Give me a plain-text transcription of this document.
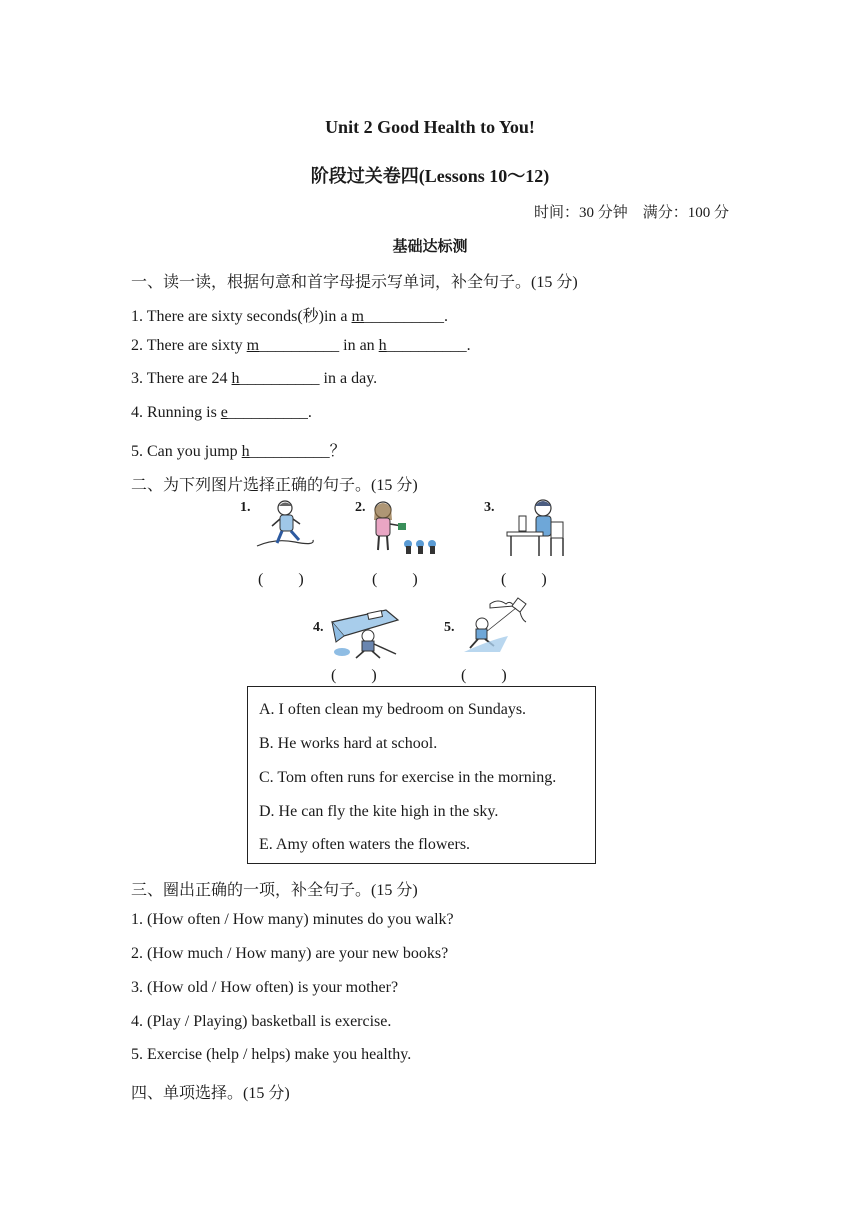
Unit 2 Good Health to You!
阶段过关卷四(Lessons 10～12)
时间：30 分钟　满分：100 分
基础达标测
一、读一读，根据句意和首字母提示写单词，补全句子。(15 分)
1. There are sixty seconds(秒)in a m__________.
2. There are sixty m__________ in an h__________.
3. There are 24 h__________ in a day.
4. Running is e__________.
5. Can you jump h__________？
二、为下列图片选择正确的句子。(15 分)
1.
(　　)
2.
(　　)
3.
(　　)
4.
(　　)
5.
(　　)
A. I often clean my bedroom on Sundays.
B. He works hard at school.
C. Tom often runs for exercise in the morning.
D. He can fly the kite high in the sky.
E. Amy often waters the flowers.
三、圈出正确的一项，补全句子。(15 分)
1. (How often / How many) minutes do you walk?
2. (How much / How many) are your new books?
3. (How old / How often) is your mother?
4. (Play / Playing) basketball is exercise.
5. Exercise (help / helps) make you healthy.
四、单项选择。(15 分)
